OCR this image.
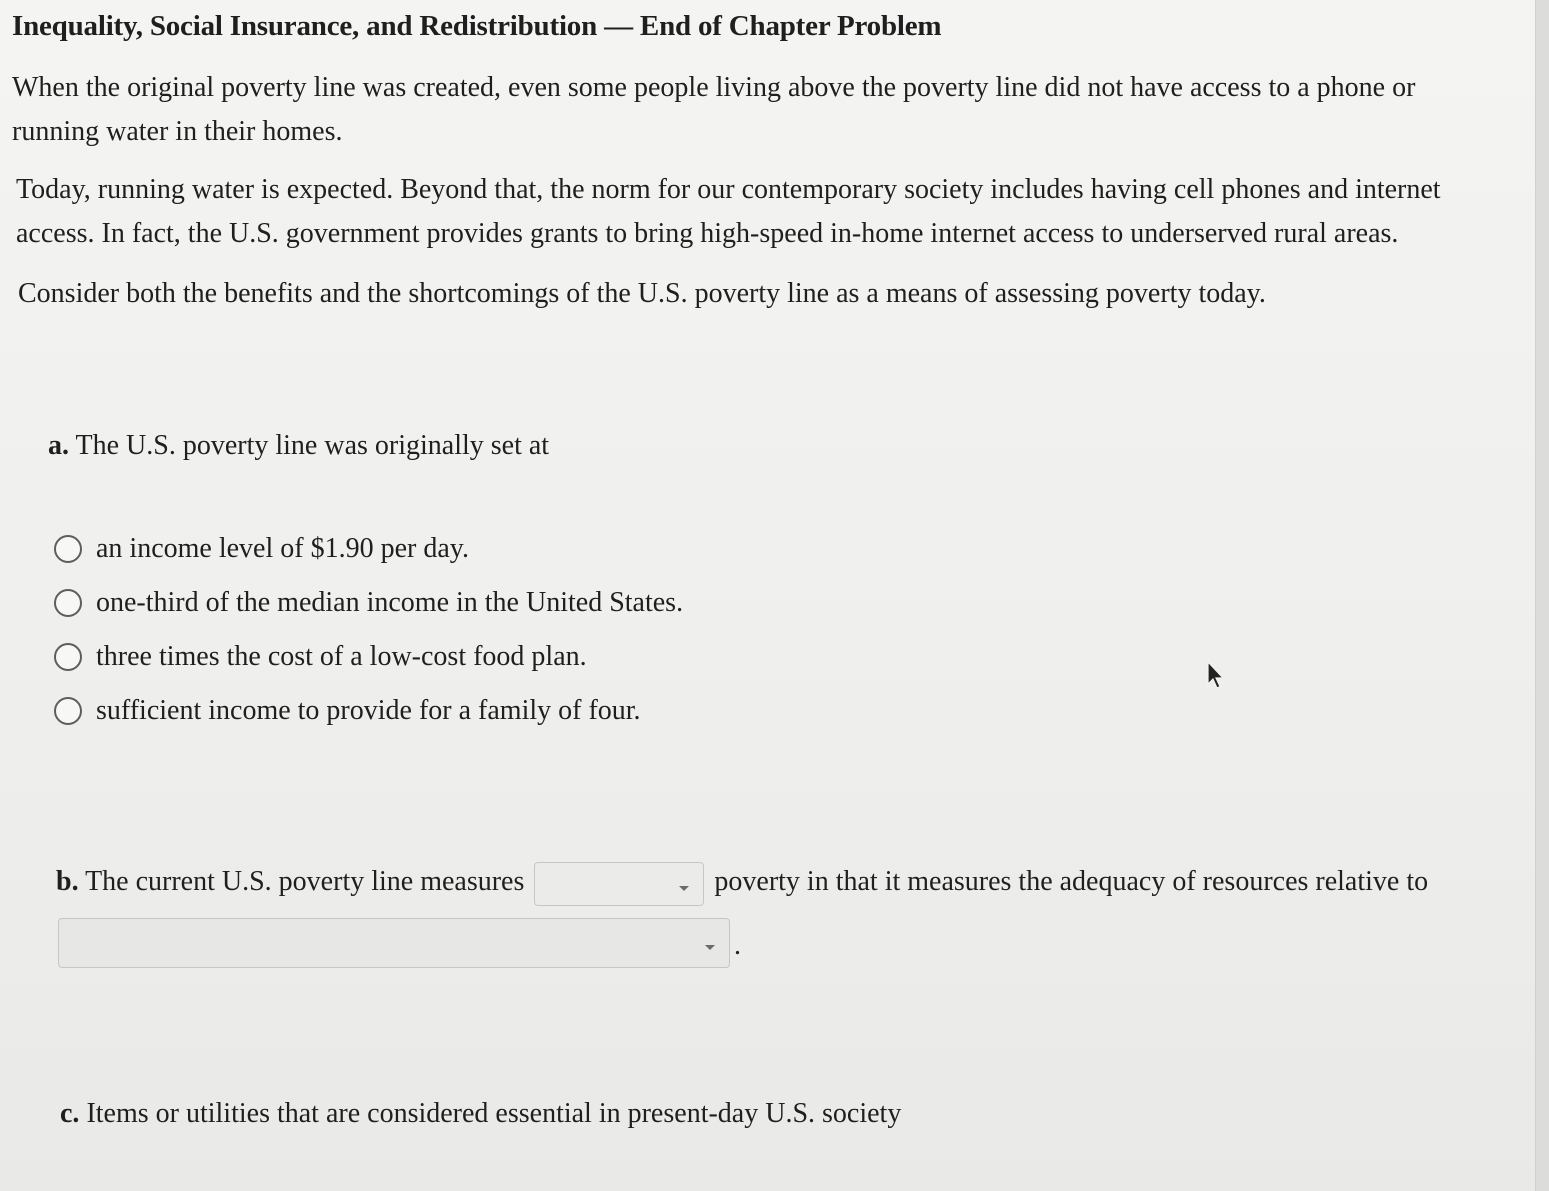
Inequality, Social Insurance, and Redistribution — End of Chapter Problem
When the original poverty line was created, even some people living above the poverty line did not have access to a phone or
running water in their homes.
Today, running water is expected. Beyond that, the norm for our contemporary society includes having cell phones and internet
access. In fact, the U.S. government provides grants to bring high-speed in-home internet access to underserved rural areas.
Consider both the benefits and the shortcomings of the U.S. poverty line as a means of assessing poverty today.
a. The U.S. poverty line was originally set at
an income level of $1.90 per day.
one-third of the median income in the United States.
three times the cost of a low-cost food plan.
sufficient income to provide for a family of four.
b. The current U.S. poverty line measures	poverty in that it measures the adequacy of resources relative to
.
c. Items or utilities that are considered essential in present-day U.S. society
